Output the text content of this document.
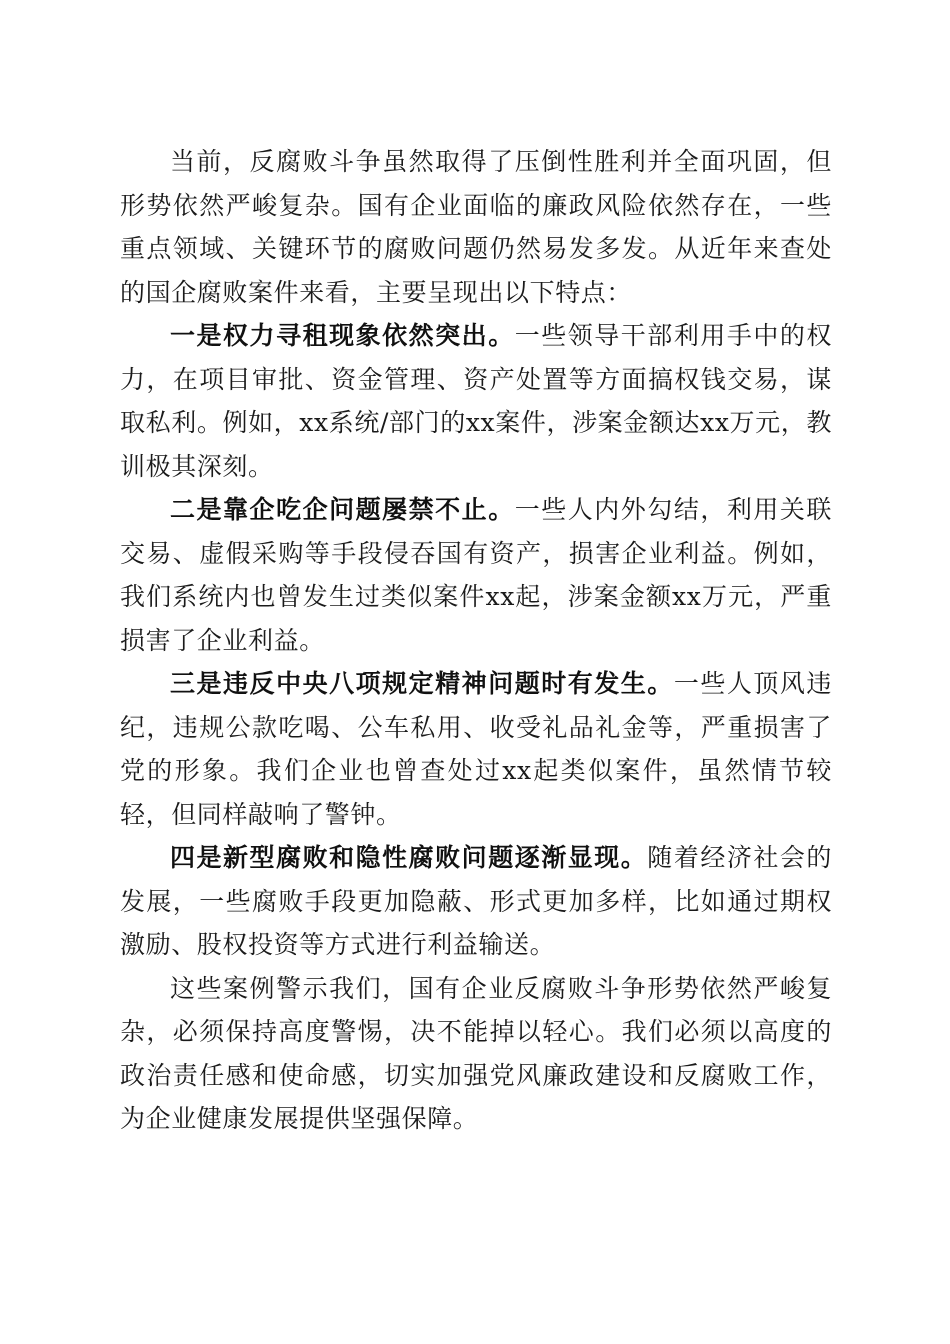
当前，反腐败斗争虽然取得了压倒性胜利并全面巩固，但形势依然严峻复杂。国有企业面临的廉政风险依然存在，一些重点领域、关键环节的腐败问题仍然易发多发。从近年来查处的国企腐败案件来看，主要呈现出以下特点：

一是权力寻租现象依然突出。一些领导干部利用手中的权力，在项目审批、资金管理、资产处置等方面搞权钱交易，谋取私利。例如，xx系统/部门的xx案件，涉案金额达xx万元，教训极其深刻。

二是靠企吃企问题屡禁不止。一些人内外勾结，利用关联交易、虚假采购等手段侵吞国有资产，损害企业利益。例如，我们系统内也曾发生过类似案件xx起，涉案金额xx万元，严重损害了企业利益。

三是违反中央八项规定精神问题时有发生。一些人顶风违纪，违规公款吃喝、公车私用、收受礼品礼金等，严重损害了党的形象。我们企业也曾查处过xx起类似案件，虽然情节较轻，但同样敲响了警钟。

四是新型腐败和隐性腐败问题逐渐显现。随着经济社会的发展，一些腐败手段更加隐蔽、形式更加多样，比如通过期权激励、股权投资等方式进行利益输送。

这些案例警示我们，国有企业反腐败斗争形势依然严峻复杂，必须保持高度警惕，决不能掉以轻心。我们必须以高度的政治责任感和使命感，切实加强党风廉政建设和反腐败工作，为企业健康发展提供坚强保障。
